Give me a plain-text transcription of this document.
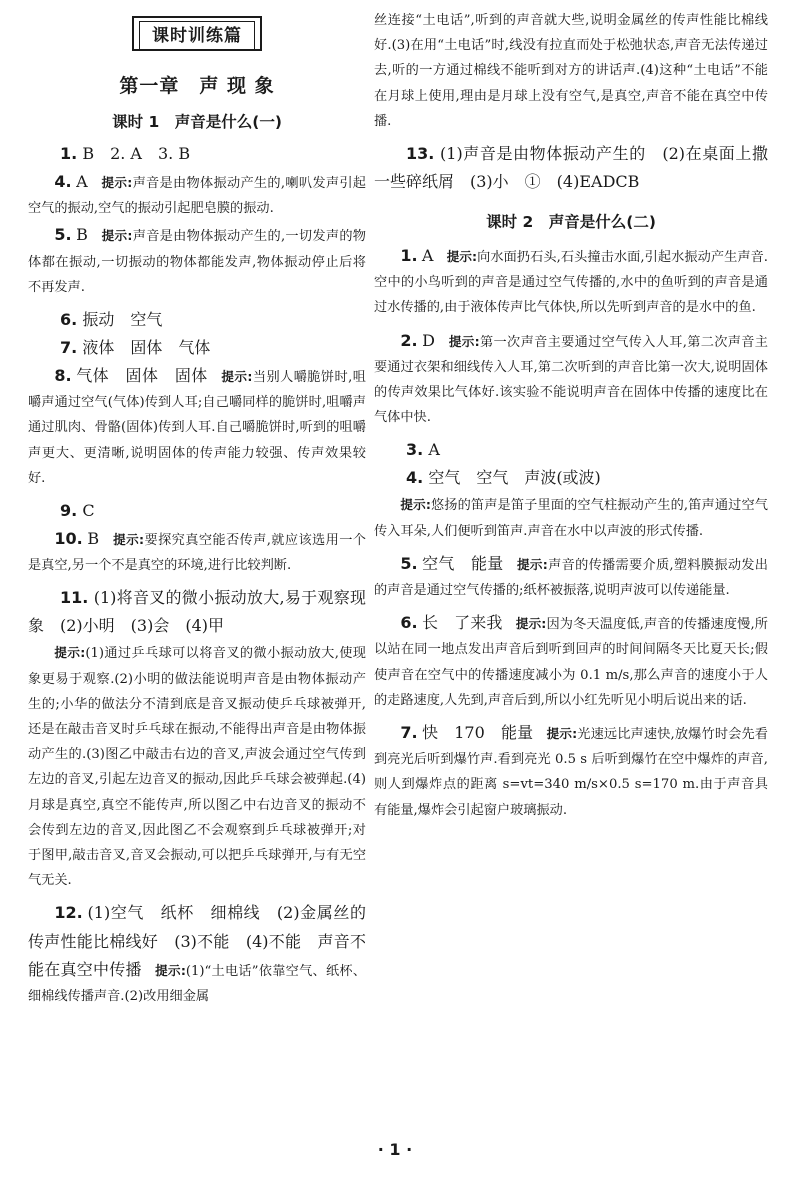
课时训练篇
第一章　声 现 象
课时 1　声音是什么(一)

1. B　2. A　3. B

4. A　 提示:声音是由物体振动产生的,喇叭发声引起空气的振动,空气的振动引起肥皂膜的振动.

5. B　 提示:声音是由物体振动产生的,一切发声的物体都在振动,一切振动的物体都能发声,物体振动停止后将不再发声.

6. 振动　空气

7. 液体　固体　气体

8. 气体　固体　固体　 提示:当别人嚼脆饼时,咀嚼声通过空气(气体)传到人耳;自己嚼同样的脆饼时,咀嚼声通过肌肉、骨骼(固体)传到人耳.自己嚼脆饼时,听到的咀嚼声更大、更清晰,说明固体的传声能力较强、传声效果较好.

9. C

10. B　 提示:要探究真空能否传声,就应该选用一个是真空,另一个不是真空的环境,进行比较判断.

11. (1)将音叉的微小振动放大,易于观察现象　(2)小明　(3)会　(4)甲

提示:(1)通过乒乓球可以将音叉的微小振动放大,使现象更易于观察.(2)小明的做法能说明声音是由物体振动产生的;小华的做法分不清到底是音叉振动使乒乓球被弹开,还是在敲击音叉时乒乓球在振动,不能得出声音是由物体振动产生的.(3)图乙中敲击右边的音叉,声波会通过空气传到左边的音叉,引起左边音叉的振动,因此乒乓球会被弹起.(4)月球是真空,真空不能传声,所以图乙中右边音叉的振动不会传到左边的音叉,因此图乙不会观察到乒乓球被弹开;对于图甲,敲击音叉,音叉会振动,可以把乒乓球弹开,与有无空气无关.

12. (1)空气　纸杯　细棉线　(2)金属丝的传声性能比棉线好　(3)不能　(4)不能　声音不能在真空中传播　 提示:(1)“土电话”依靠空气、纸杯、细棉线传播声音.(2)改用细金属

丝连接“土电话”,听到的声音就大些,说明金属丝的传声性能比棉线好.(3)在用“土电话”时,线没有拉直而处于松弛状态,声音无法传递过去,听的一方通过棉线不能听到对方的讲话声.(4)这种“土电话”不能在月球上使用,理由是月球上没有空气,是真空,声音不能在真空中传播.

13. (1)声音是由物体振动产生的　(2)在桌面上撒一些碎纸屑　(3)小　①　(4)EADCB

课时 2　声音是什么(二)

1. A　 提示:向水面扔石头,石头撞击水面,引起水振动产生声音.空中的小鸟听到的声音是通过空气传播的,水中的鱼听到的声音是通过水传播的,由于液体传声比气体快,所以先听到声音的是水中的鱼.

2. D　 提示:第一次声音主要通过空气传入人耳,第二次声音主要通过衣架和细线传入人耳,第二次听到的声音比第一次大,说明固体的传声效果比气体好.该实验不能说明声音在固体中传播的速度比在气体中快.

3. A

4. 空气　空气　声波(或波)

提示:悠扬的笛声是笛子里面的空气柱振动产生的,笛声通过空气传入耳朵,人们便听到笛声.声音在水中以声波的形式传播.

5. 空气　能量　 提示:声音的传播需要介质,塑料膜振动发出的声音是通过空气传播的;纸杯被振落,说明声波可以传递能量.

6. 长　了来我　 提示:因为冬天温度低,声音的传播速度慢,所以站在同一地点发出声音后到听到回声的时间间隔冬天比夏天长;假使声音在空气中的传播速度减小为 0.1 m/s,那么声音的速度小于人的走路速度,人先到,声音后到,所以小红先听见小明后说出来的话.

7. 快　170　能量　 提示:光速远比声速快,放爆竹时会先看到亮光后听到爆竹声.看到亮光 0.5 s 后听到爆竹在空中爆炸的声音,则人到爆炸点的距离 s=vt=340 m/s×0.5 s=170 m.由于声音具有能量,爆炸会引起窗户玻璃振动.

· 1 ·
